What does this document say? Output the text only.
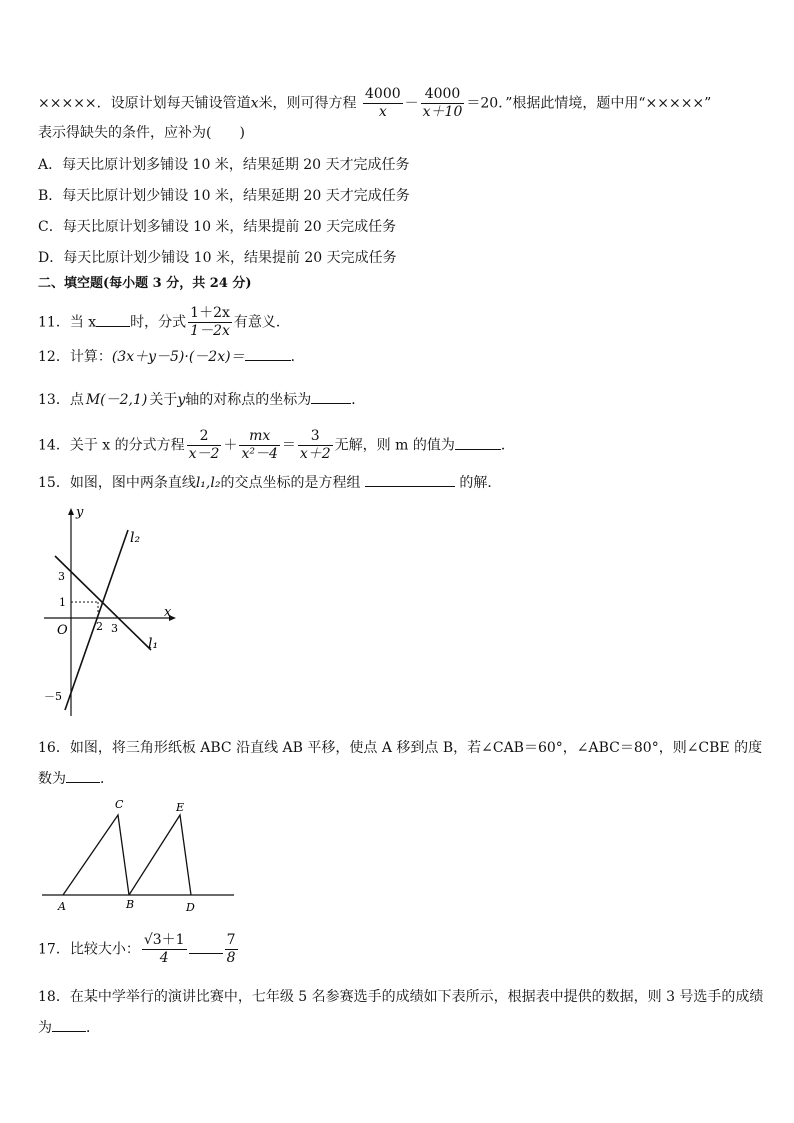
×××××．设原计划每天铺设管道x米，则可得方程 $\frac{4000}{x} - \frac{4000}{x+10} =20$．”根据此情境，题中用“×××××”
表示得缺失的条件，应补为(　　)
A．每天比原计划多铺设 10 米，结果延期 20 天才完成任务
B．每天比原计划少铺设 10 米，结果延期 20 天才完成任务
C．每天比原计划多铺设 10 米，结果提前 20 天完成任务
D．每天比原计划少铺设 10 米，结果提前 20 天完成任务
二、填空题(每小题 3 分，共 24 分)
11．当 x 时，分式 $\frac{1+2x}{1-2x}$ 有意义．
12．计算：(3x＋y－5)·(－2x)＝	．
13．点 M(－2,1) 关于y轴的对称点的坐标为	．
14．关于 x 的分式方程 $\frac{2}{x-2} + \frac{mx}{\text{x²－4}} = \frac{3}{x+2}$ 无解，则 m 的值为	．
15．如图，图中两条直线l₁,l₂的交点坐标的是方程组	的解．
y
x
O
l₂
l₁
3
1
－5
2 3
16．如图，将三角形纸板 ABC 沿直线 AB 平移，使点 A 移到点 B，若∠CAB＝60°，∠ABC＝80°，则∠CBE 的度
数为 ．
A	B
C	E
D
17．比较大小： $\frac{√3+1}{4}$	$\frac{7}{8}$
18．在某中学举行的演讲比赛中，七年级 5 名参赛选手的成绩如下表所示，根据表中提供的数据，则 3 号选手的成绩
为 ．
